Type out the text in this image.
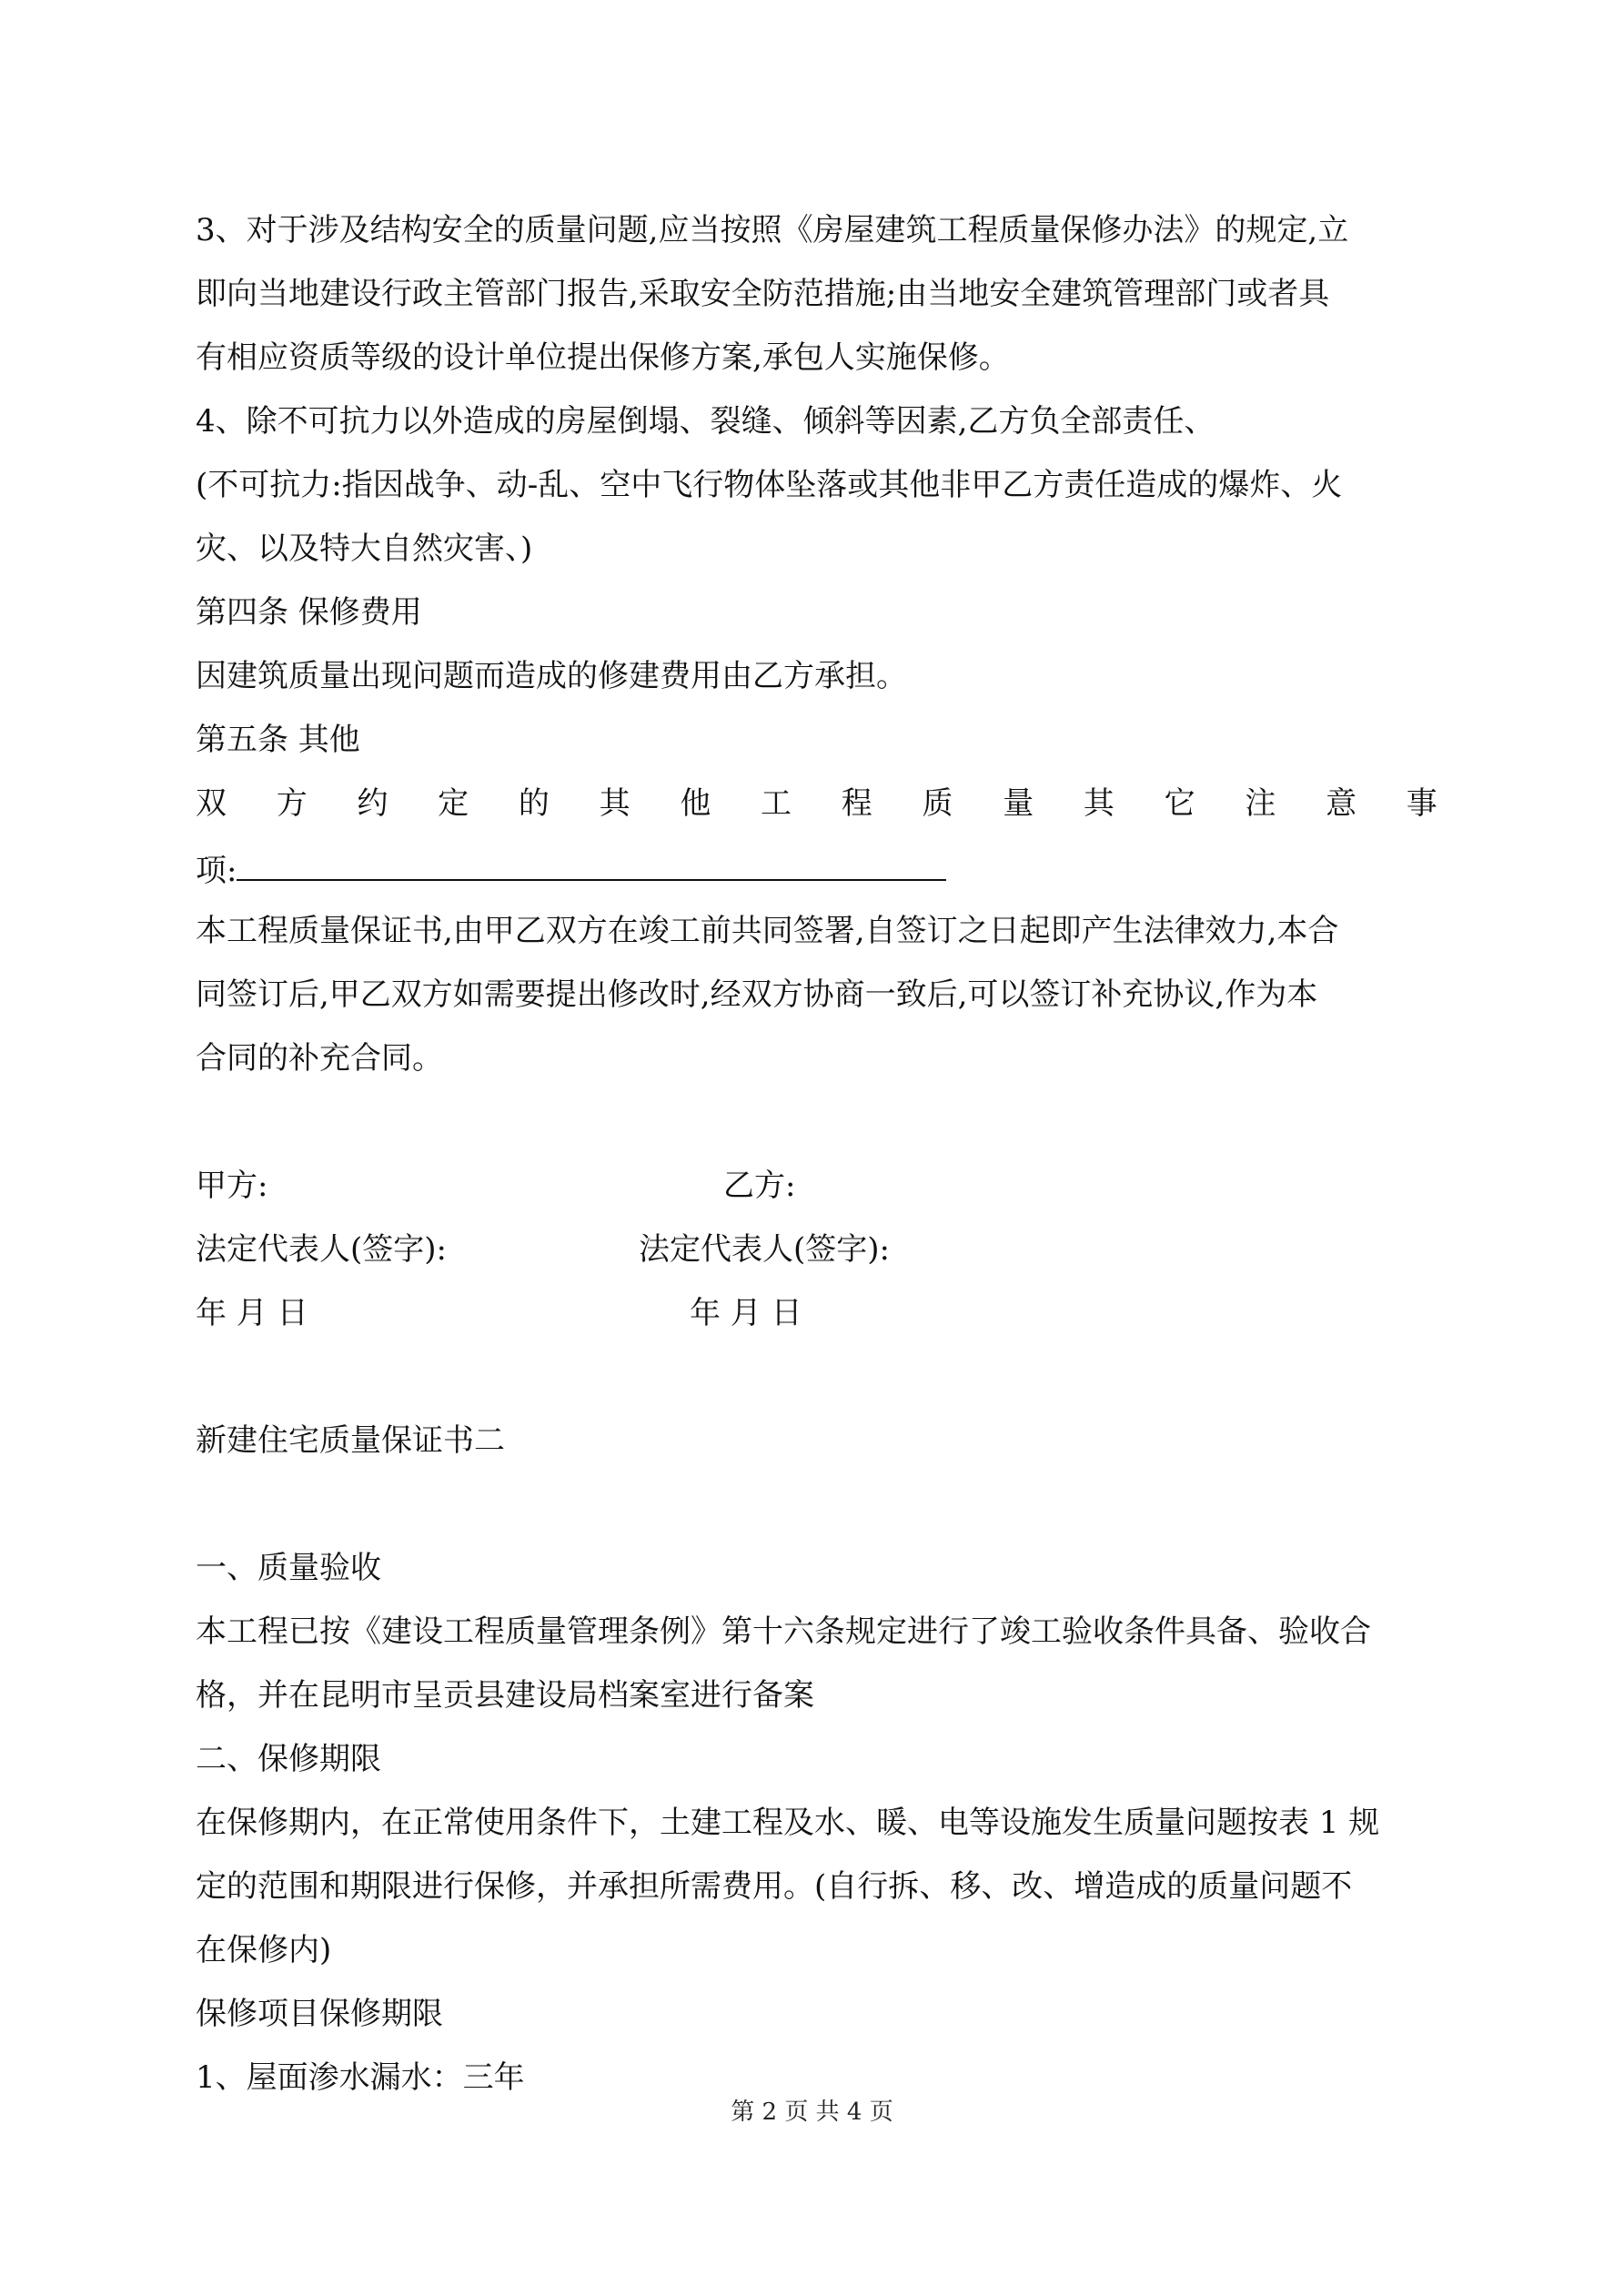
3、对于涉及结构安全的质量问题,应当按照《房屋建筑工程质量保修办法》的规定,立

即向当地建设行政主管部门报告,采取安全防范措施;由当地安全建筑管理部门或者具

有相应资质等级的设计单位提出保修方案,承包人实施保修。

4、除不可抗力以外造成的房屋倒塌、裂缝、倾斜等因素,乙方负全部责任、

(不可抗力:指因战争、动-乱、空中飞行物体坠落或其他非甲乙方责任造成的爆炸、火

灾、以及特大自然灾害、)

第四条 保修费用

因建筑质量出现问题而造成的修建费用由乙方承担。

第五条 其他

双 方 约 定 的 其 他 工 程 质 量 其 它 注 意 事

项:

本工程质量保证书,由甲乙双方在竣工前共同签署,自签订之日起即产生法律效力,本合

同签订后,甲乙双方如需要提出修改时,经双方协商一致后,可以签订补充协议,作为本

合同的补充合同。

甲方:	乙方:
法定代表人(签字):	法定代表人(签字):
年 月 日	年 月 日

新建住宅质量保证书二

一、质量验收

本工程已按《建设工程质量管理条例》第十六条规定进行了竣工验收条件具备、验收合

格，并在昆明市呈贡县建设局档案室进行备案

二、保修期限

在保修期内，在正常使用条件下，土建工程及水、暖、电等设施发生质量问题按表 1 规

定的范围和期限进行保修，并承担所需费用。(自行拆、移、改、增造成的质量问题不

在保修内)

保修项目保修期限

1、屋面渗水漏水：三年

第 2 页 共 4 页
